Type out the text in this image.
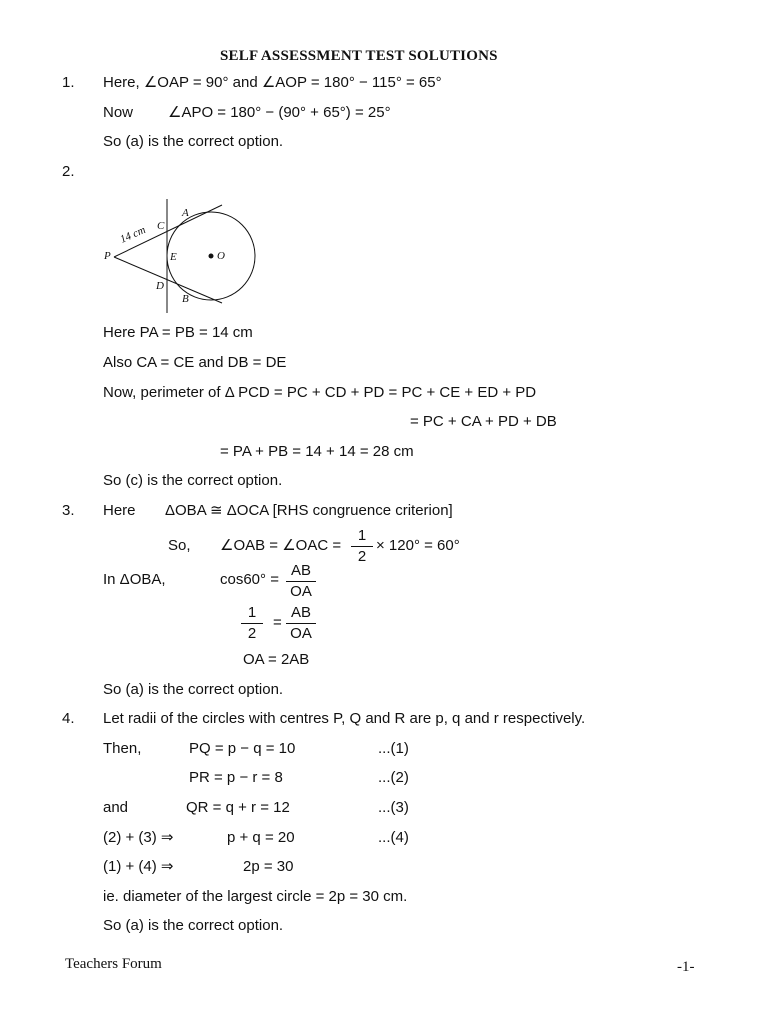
SELF ASSESSMENT TEST SOLUTIONS
1. Here, ∠OAP = 90° and ∠AOP = 180° − 115° = 65°
Now ∠APO = 180° − (90° + 65°) = 25°
So (a) is the correct option.
2.
A
B
C
D
E	O
P
14 cm
Here PA = PB = 14 cm
Also CA = CE and DB = DE
Now, perimeter of Δ PCD = PC + CD + PD = PC + CE + ED + PD
= PC + CA + PD + DB
= PA + PB = 14 + 14 = 28 cm
So (c) is the correct option.
3. Here ΔOBA ≅ ΔOCA [RHS congruence criterion]
So, ∠OAB = ∠OAC =
1
2
× 120° = 60°
In ΔOBA,	cos60° =
AB
OA
1
2
=
AB
OA
OA = 2AB
So (a) is the correct option.
4. Let radii of the circles with centres P, Q and R are p, q and r respectively.
Then,	PQ = p − q = 10	...(1)
PR = p − r = 8	...(2)
and	QR = q + r = 12	...(3)
(2) + (3) ⇒	p + q = 20	...(4)
(1) + (4) ⇒	2p = 30
ie. diameter of the largest circle = 2p = 30 cm.
So (a) is the correct option.
Teachers Forum	-1-
